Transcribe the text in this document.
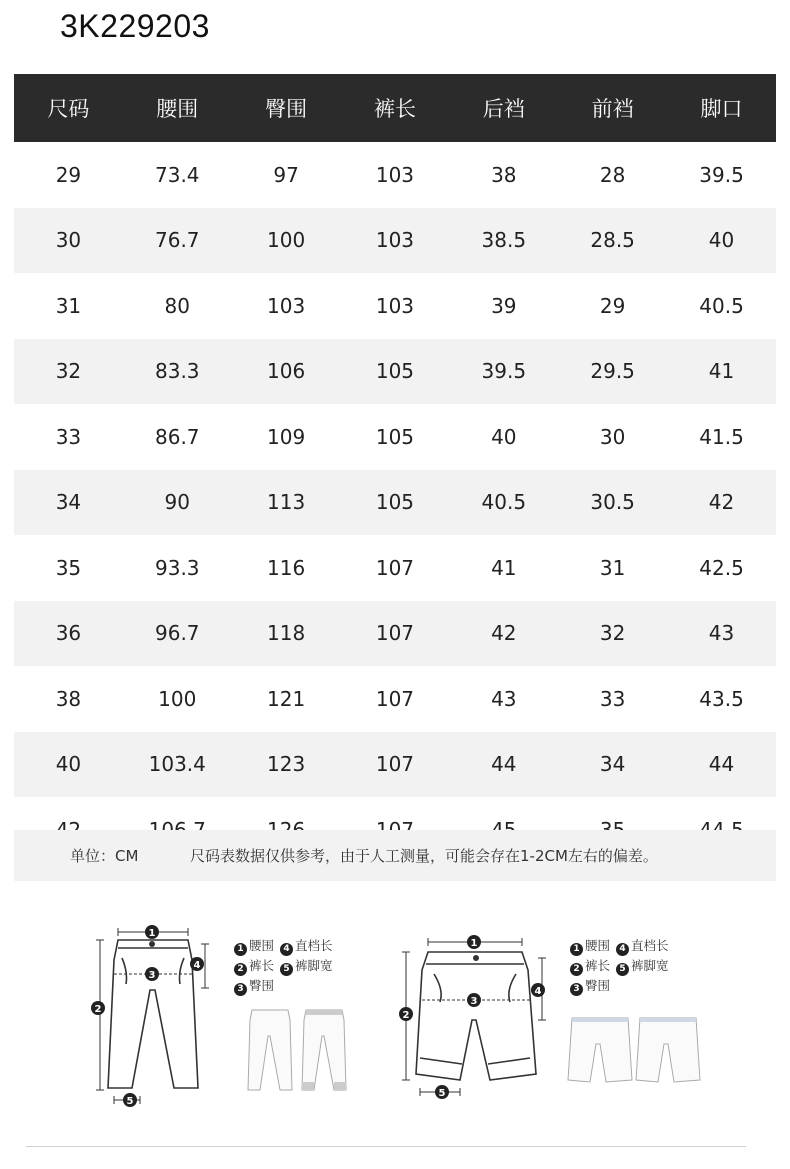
3K229203
尺码	腰围	臀围	裤长	后裆	前裆	脚口
29	73.4	97	103	38	28	39.5
30	76.7	100	103	38.5	28.5	40
31	80	103	103	39	29	40.5
32	83.3	106	105	39.5	29.5	41
33	86.7	109	105	40	30	41.5
34	90	113	105	40.5	30.5	42
35	93.3	116	107	41	31	42.5
36	96.7	118	107	42	32	43
38	100	121	107	43	33	43.5
40	103.4	123	107	44	34	44

单位：CM	尺码表数据仅供参考，由于人工测量，可能会存在1-2CM左右的偏差。
1
2
3
4
5
1 腰围	4 直档长
2 裤长	5 裤脚宽
3 臀围
1
2
3
4
5
1 腰围	4 直档长
2 裤长	5 裤脚宽
3 臀围
